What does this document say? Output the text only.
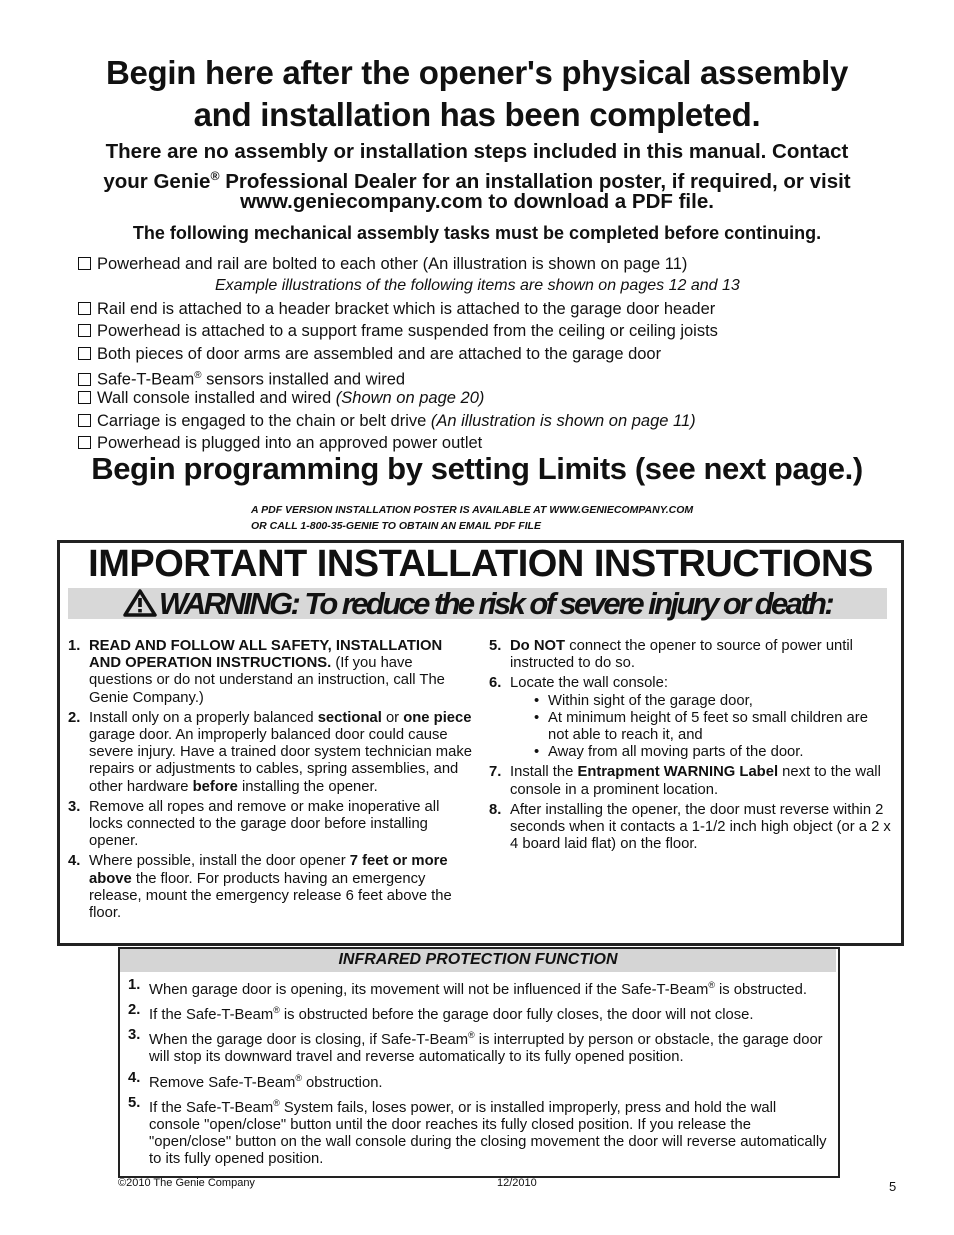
Begin here after the opener's physical assembly
and installation has been completed.
There are no assembly or installation steps included in this manual. Contact
your Genie® Professional Dealer for an installation poster, if required, or visit
www.geniecompany.com to download a PDF file.
The following mechanical assembly tasks must be completed before continuing.
Powerhead and rail are bolted to each other (An illustration is shown on page 11)
Example illustrations of the following items are shown on pages 12 and 13
Rail end is attached to a header bracket which is attached to the garage door header
Powerhead is attached to a support frame suspended from the ceiling or ceiling joists
Both pieces of door arms are assembled and are attached to the garage door
Safe-T-Beam® sensors installed and wired
Wall console installed and wired (Shown on page 20)
Carriage is engaged to the chain or belt drive (An illustration is shown on page 11)
Powerhead is plugged into an approved power outlet
Begin programming by setting Limits (see next page.)
A PDF VERSION INSTALLATION POSTER IS AVAILABLE AT WWW.GENIECOMPANY.COM
OR CALL 1-800-35-GENIE TO OBTAIN AN EMAIL PDF FILE
IMPORTANT INSTALLATION INSTRUCTIONS
WARNING: To reduce the risk of severe injury or death:
1. READ AND FOLLOW ALL SAFETY, INSTALLATION AND OPERATION INSTRUCTIONS. (If you have questions or do not understand an instruction, call The Genie Company.)
2. Install only on a properly balanced sectional or one piece garage door. An improperly balanced door could cause severe injury. Have a trained door system technician make repairs or adjustments to cables, spring assemblies, and other hardware before installing the opener.
3. Remove all ropes and remove or make inoperative all locks connected to the garage door before installing opener.
4. Where possible, install the door opener 7 feet or more above the floor. For products having an emergency release, mount the emergency release 6 feet above the floor.
5. Do NOT connect the opener to source of power until instructed to do so.
6. Locate the wall console:
• Within sight of the garage door,
• At minimum height of 5 feet so small children are not able to reach it, and
• Away from all moving parts of the door.
7. Install the Entrapment WARNING Label next to the wall console in a prominent location.
8. After installing the opener, the door must reverse within 2 seconds when it contacts a 1-1/2 inch high object (or a 2 x 4 board laid flat) on the floor.
INFRARED PROTECTION FUNCTION
1. When garage door is opening, its movement will not be influenced if the Safe-T-Beam® is obstructed.
2. If the Safe-T-Beam® is obstructed before the garage door fully closes, the door will not close.
3. When the garage door is closing, if Safe-T-Beam® is interrupted by person or obstacle, the garage door will stop its downward travel and reverse automatically to its fully opened position.
4. Remove Safe-T-Beam® obstruction.
5. If the Safe-T-Beam® System fails, loses power, or is installed improperly, press and hold the wall console "open/close" button until the door reaches its fully closed position. If you release the "open/close" button on the wall console during the closing movement the door will reverse automatically to its fully opened position.
©2010 The Genie Company	12/2010	5
